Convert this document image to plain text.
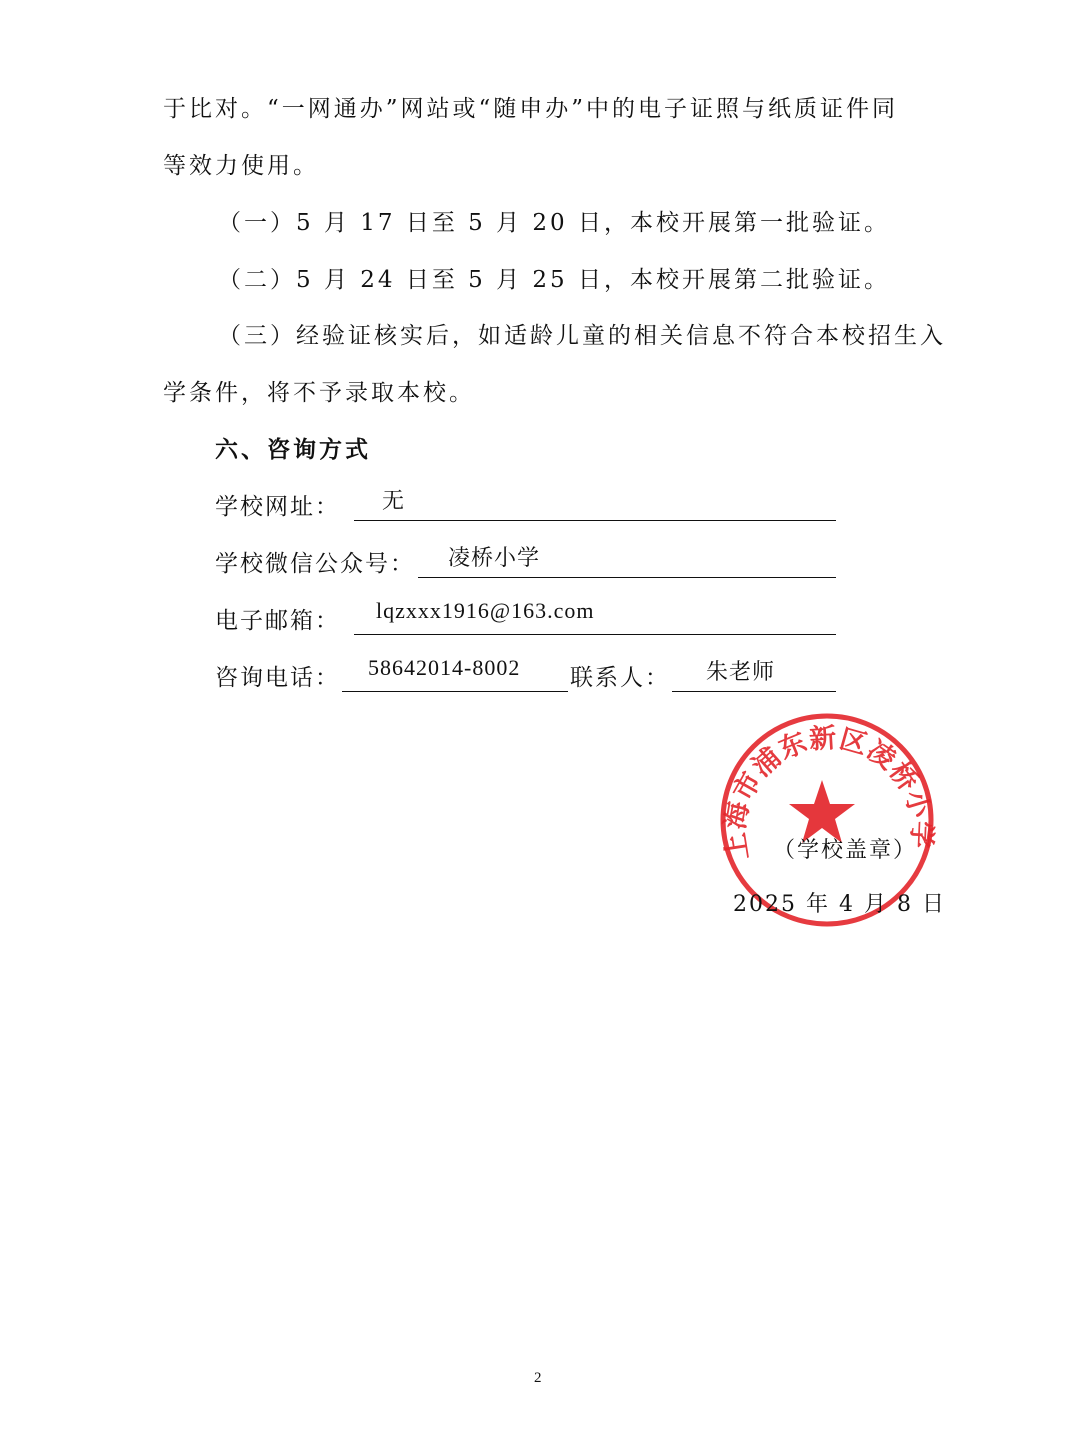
于比对。“一网通办”网站或“随申办”中的电子证照与纸质证件同
等效力使用。
（一）5 月 17 日至 5 月 20 日，本校开展第一批验证。
（二）5 月 24 日至 5 月 25 日，本校开展第二批验证。
（三）经验证核实后，如适龄儿童的相关信息不符合本校招生入
学条件，将不予录取本校。
六、咨询方式
学校网址： 无
学校微信公众号： 凌桥小学
电子邮箱： lqzxxx1916@163.com
咨询电话： 58642014-8002 联系人： 朱老师
上海市浦东新区凌桥小学
（学校盖章）
2025 年 4 月 8 日
2
